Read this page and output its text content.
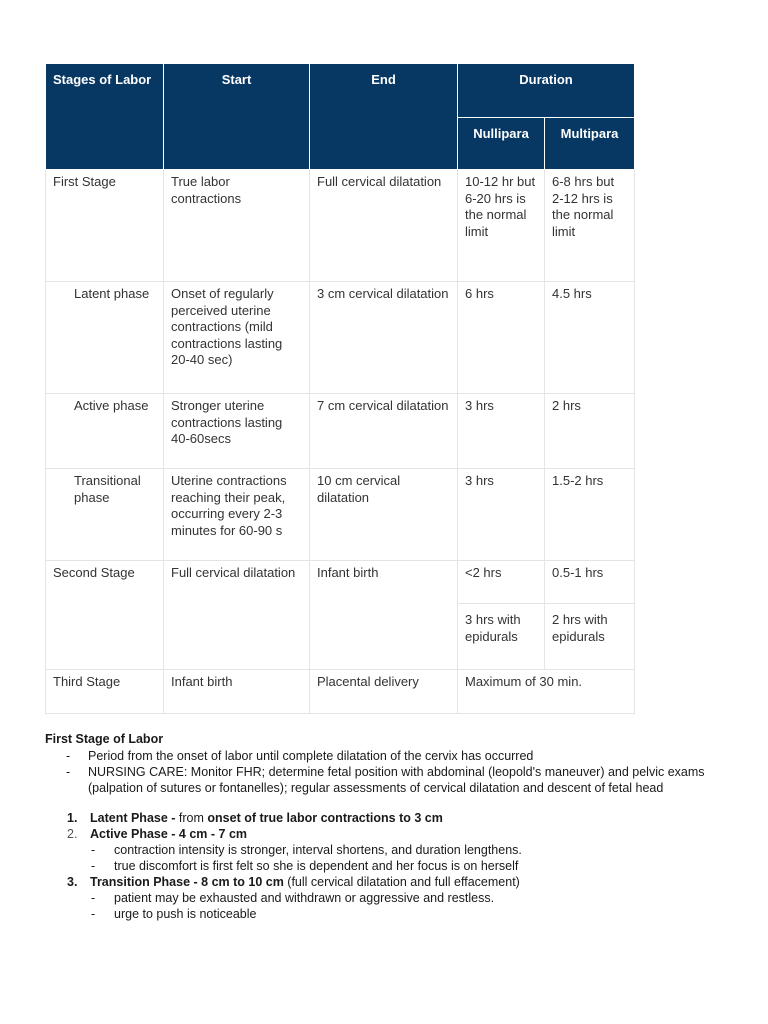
Stages of Labor	Start	End	Duration	
			Nullipara	Multipara
First Stage	True labor contractions	Full cervical dilatation	10-12 hr but 6-20 hrs is the normal limit	6-8 hrs but 2-12 hrs is the normal limit
Latent phase	Onset of regularly perceived uterine contractions (mild contractions lasting 20-40 sec)	3 cm cervical dilatation	6 hrs	4.5 hrs
Active phase	Stronger uterine contractions lasting 40-60secs	7 cm cervical dilatation	3 hrs	2 hrs
Transitional phase	Uterine contractions reaching their peak, occurring every 2-3 minutes for 60-90 s	10 cm cervical dilatation	3 hrs	1.5-2 hrs
Second Stage	Full cervical dilatation	Infant birth	<2 hrs	0.5-1 hrs
			3 hrs with epidurals	2 hrs with epidurals
Third Stage	Infant birth	Placental delivery	Maximum of 30 min.	
First Stage of Labor
- Period from the onset of labor until complete dilatation of the cervix has occurred
- NURSING CARE: Monitor FHR; determine fetal position with abdominal (leopold's maneuver) and pelvic exams (palpation of sutures or fontanelles); regular assessments of cervical dilatation and descent of fetal head
1. Latent Phase - from onset of true labor contractions to 3 cm
2. Active Phase - 4 cm - 7 cm
- contraction intensity is stronger, interval shortens, and duration lengthens.
- true discomfort is first felt so she is dependent and her focus is on herself
3. Transition Phase - 8 cm to 10 cm (full cervical dilatation and full effacement)
- patient may be exhausted and withdrawn or aggressive and restless.
- urge to push is noticeable
